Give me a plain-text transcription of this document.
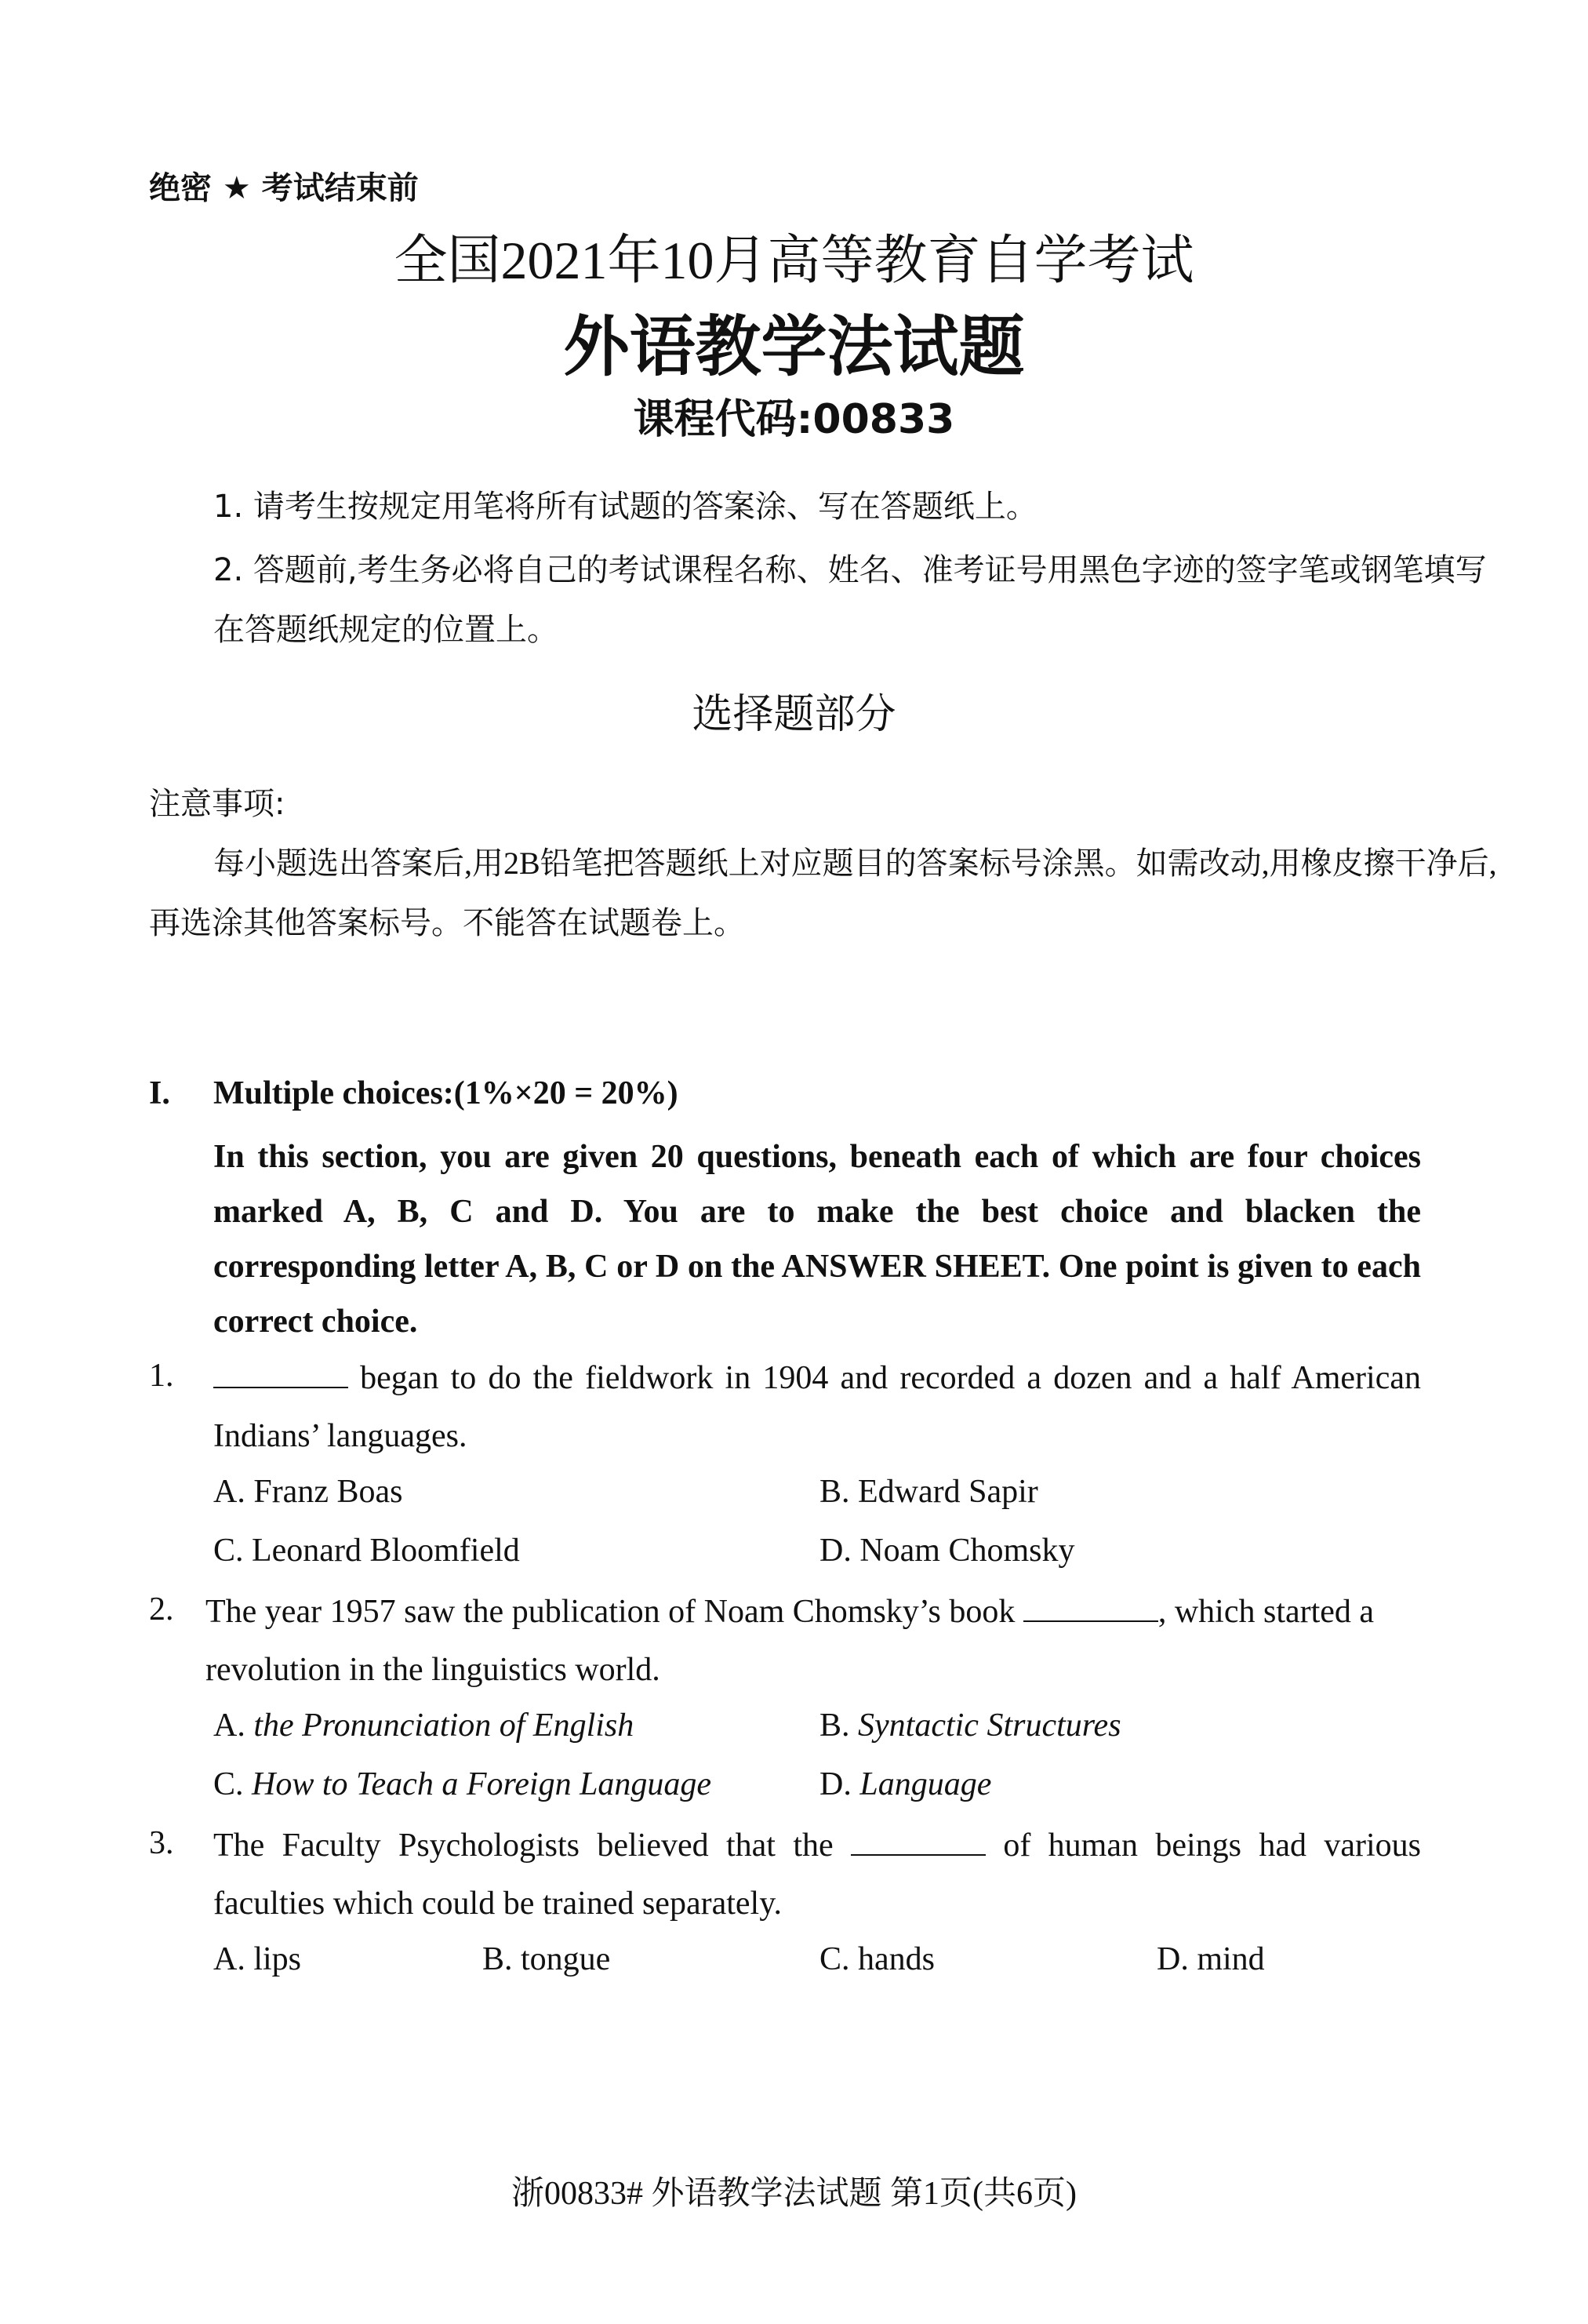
绝密 ★ 考试结束前
全国2021年10月高等教育自学考试
外语教学法试题
课程代码:00833
1. 请考生按规定用笔将所有试题的答案涂、写在答题纸上。
2. 答题前,考生务必将自己的考试课程名称、姓名、准考证号用黑色字迹的签字笔或钢笔填写在答题纸规定的位置上。
选择题部分
注意事项:
每小题选出答案后,用2B铅笔把答题纸上对应题目的答案标号涂黑。如需改动,用橡皮擦干净后,再选涂其他答案标号。不能答在试题卷上。
I. Multiple choices:(1%×20 = 20%)
In this section, you are given 20 questions, beneath each of which are four choices marked A, B, C and D. You are to make the best choice and blacken the corresponding letter A, B, C or D on the ANSWER SHEET. One point is given to each correct choice.
1.	began to do the fieldwork in 1904 and recorded a dozen and a half American Indians’ languages.
A. Franz Boas	B. Edward Sapir
C. Leonard Bloomfield	D. Noam Chomsky
2. The year 1957 saw the publication of Noam Chomsky’s book	, which started a revolution in the linguistics world.
A. the Pronunciation of English	B. Syntactic Structures
C. How to Teach a Foreign Language	D. Language
3. The Faculty Psychologists believed that the	of human beings had various faculties which could be trained separately.
A. lips	B. tongue	C. hands	D. mind
浙00833# 外语教学法试题 第1页(共6页)
